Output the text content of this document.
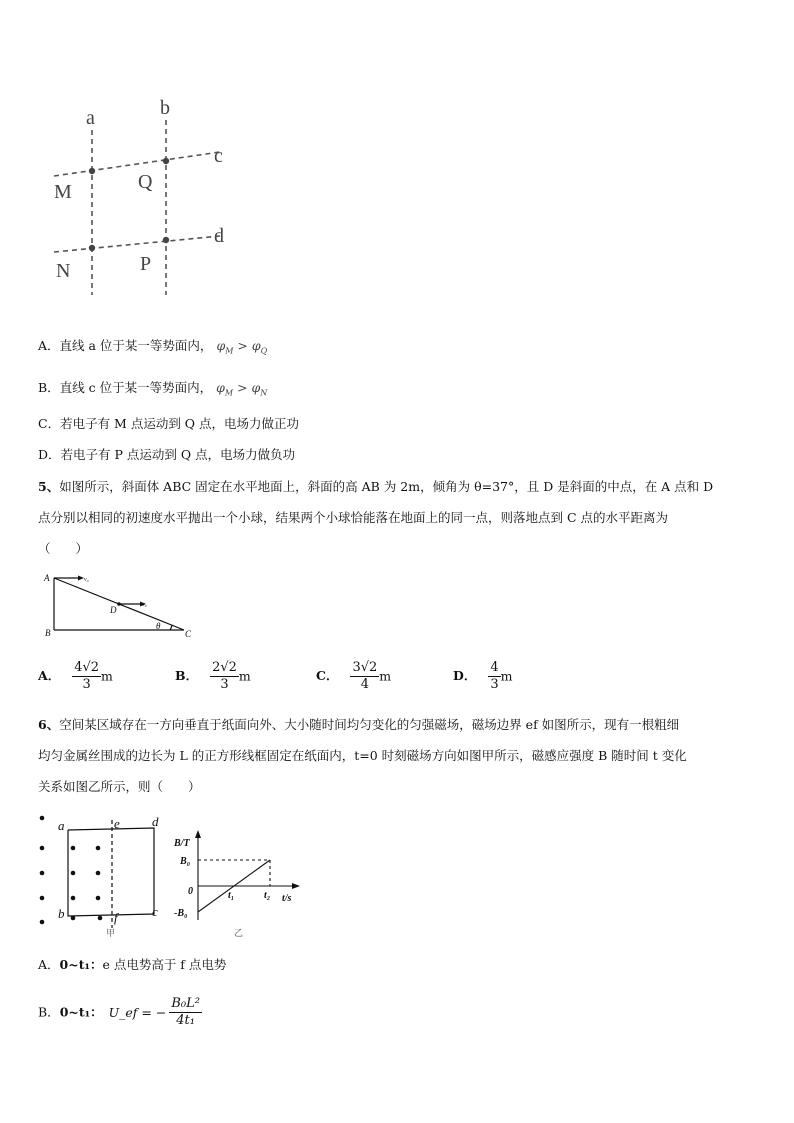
a	b
c
d
M	Q
N	P
A．直线 a 位于某一等势面内， $\varphi_M > \varphi_Q$
B．直线 c 位于某一等势面内， $\varphi_M > \varphi_N$
C．若电子有 M 点运动到 Q 点，电场力做正功
D．若电子有 P 点运动到 Q 点，电场力做负功
5、如图所示，斜面体 ABC 固定在水平地面上，斜面的高 AB 为 2m，倾角为 θ=37°，且 D 是斜面的中点，在 A 点和 D
点分别以相同的初速度水平抛出一个小球，结果两个小球恰能落在地面上的同一点，则落地点到 C 点的水平距离为
（　　）
A
B	C
D
θ
v₀
v₀
A． $\frac{4√2}{3}$ m	B． $\frac{2√2}{3}$ m	C． $\frac{3√2}{4}$ m	D． $\frac{4}{3}$ m
6、空间某区域存在一方向垂直于纸面向外、大小随时间均匀变化的匀强磁场，磁场边界 ef 如图所示，现有一根粗细
均匀金属丝围成的边长为 L 的正方形线框固定在纸面内，t=0 时刻磁场方向如图甲所示，磁感应强度 B 随时间 t 变化
关系如图乙所示，则（　　）
a	e d
b	f	c
甲
B/T
B₀
0
-B₀
t₁	t₂ t/s
乙
A．0~t₁：e 点电势高于 f 点电势
B．0~t₁： U_ef = − $\frac{\text{B₀L²}}{\text{4t₁}}$
